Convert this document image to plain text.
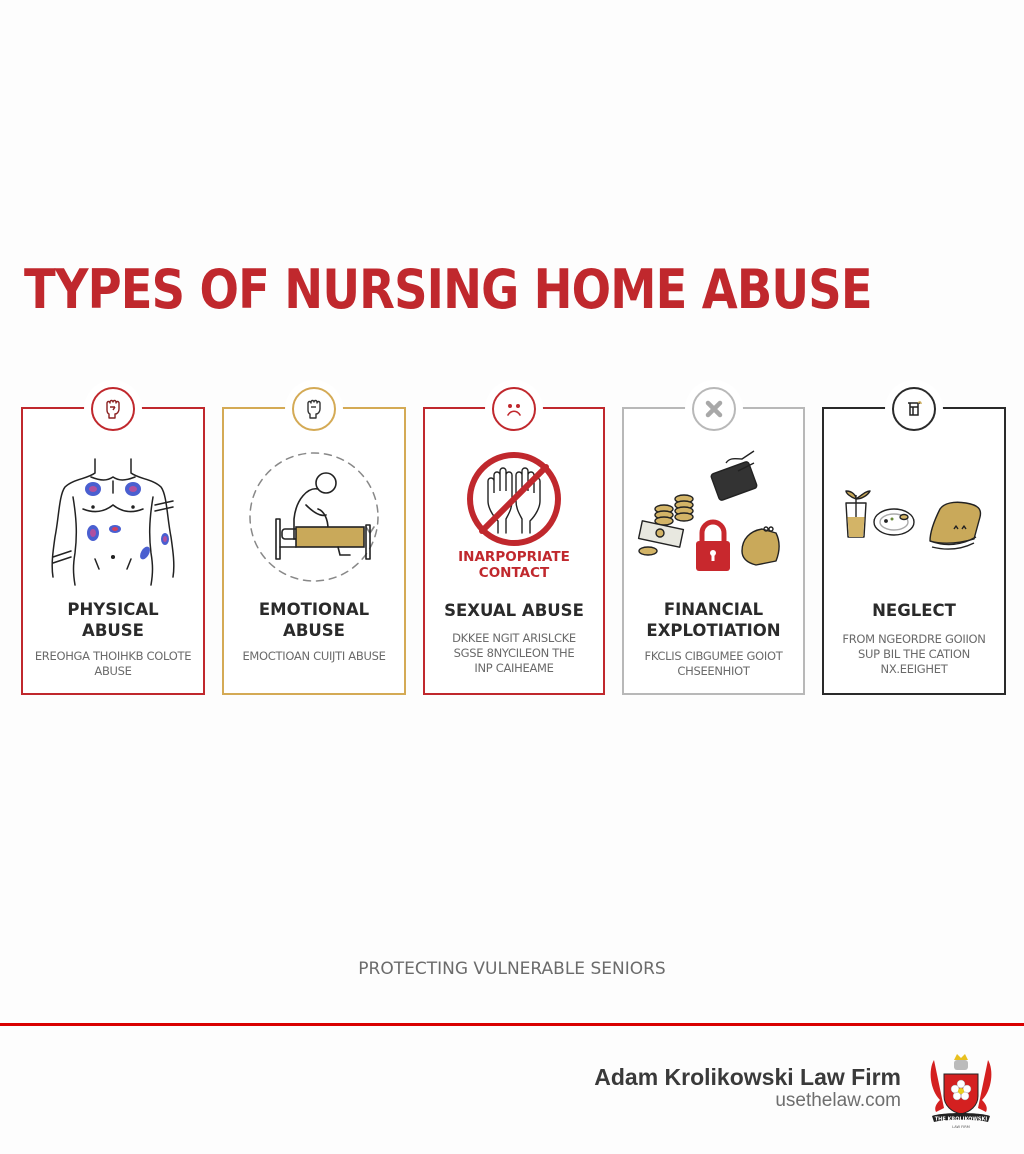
TYPES OF NURSING HOME ABUSE
PHYSICAL
ABUSE
EREOHGA THOIHKB COLOTE
ABUSE
EMOTIONAL
ABUSE
EMOCTIOAN CUIJTI ABUSE
INARPOPRIATE
CONTACT
SEXUAL ABUSE
DKKEE NGIT ARISLCKE
SGSE 8NYCILEON THE
INP CAIHEAME
FINANCIAL
EXPLOTIATION
FKCLIS CIBGUMEE GOIOT
CHSEENHIOT
NEGLECT
FROM NGEORDRE GOIION
SUP BIL THE CATION
NX.EEIGHET
PROTECTING VULNERABLE SENIORS
Adam Krolikowski Law Firm
usethelaw.com
THE KROLIKOWSKI
LAW FIRM
